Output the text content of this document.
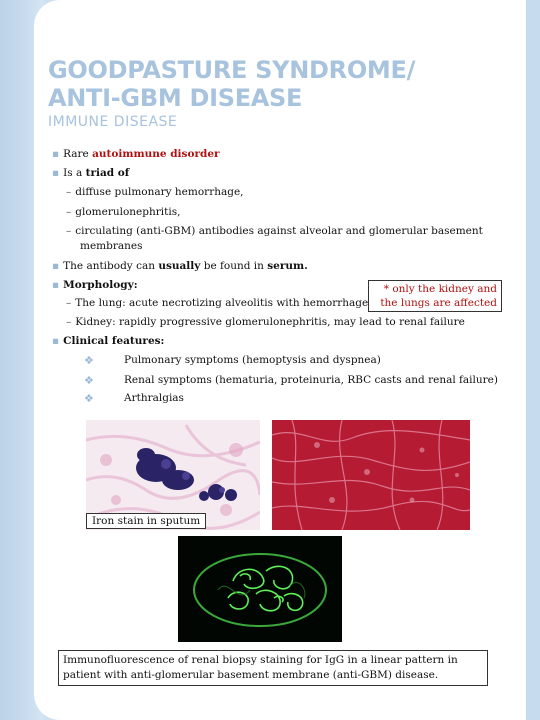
GOODPASTURE SYNDROME/ ANTI-GBM DISEASE
IMMUNE DISEASE
▪ Rare autoimmune disorder
▪ Is a triad of
– diffuse pulmonary hemorrhage,
– glomerulonephritis,
– circulating (anti-GBM) antibodies against alveolar and glomerular basement
membranes
▪ The antibody can usually be found in serum.
▪ Morphology:
– The lung: acute necrotizing alveolitis with hemorrhage
– Kidney: rapidly progressive glomerulonephritis, may lead to renal failure
▪ Clinical features:
❖	Pulmonary symptoms (hemoptysis and dyspnea)
❖	Renal symptoms (hematuria, proteinuria, RBC casts and renal failure)
❖	Arthralgias
* only the kidney and the lungs are affected
Iron stain in sputum
Immunofluorescence of renal biopsy staining for IgG in a linear pattern in patient with anti-glomerular basement membrane (anti-GBM) disease.
